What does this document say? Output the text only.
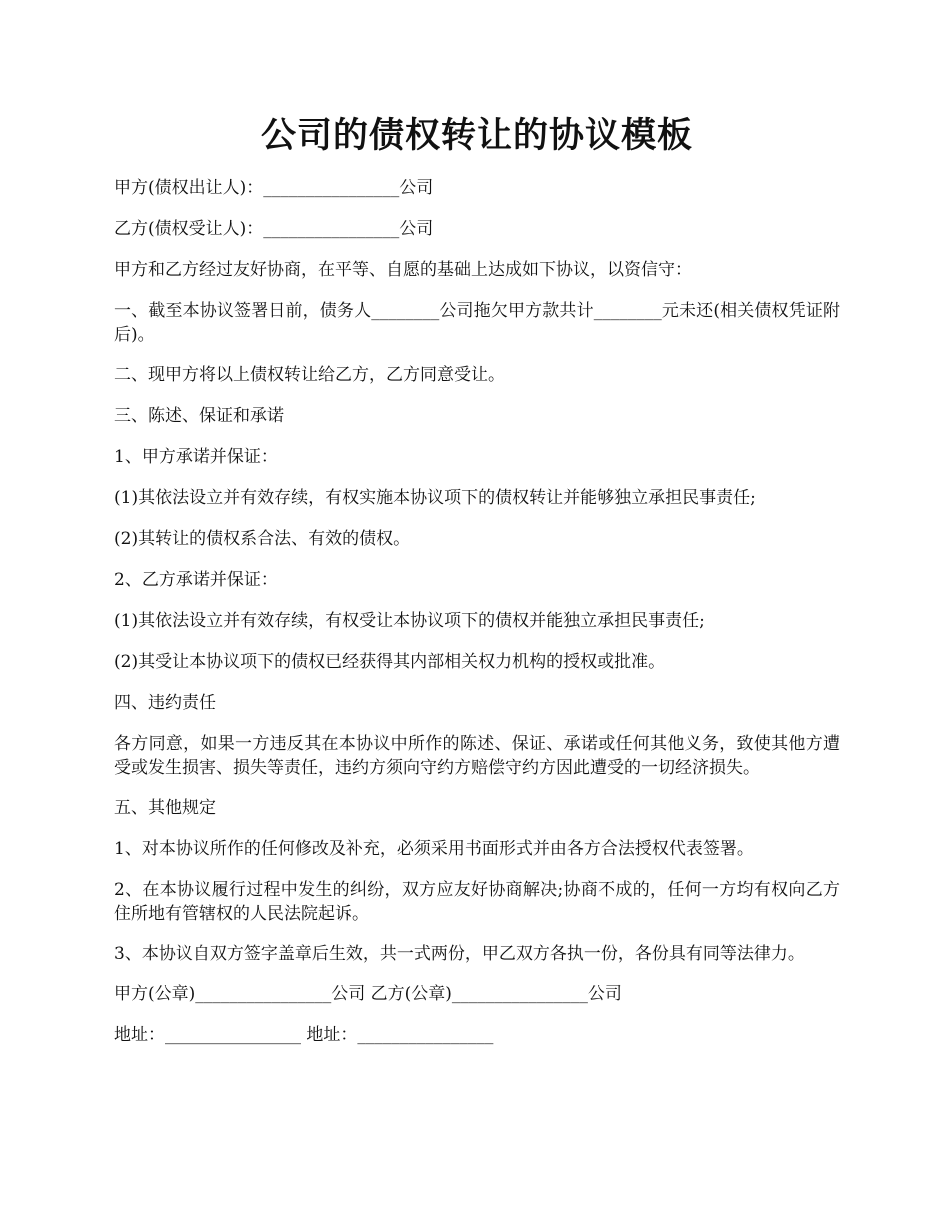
公司的债权转让的协议模板

甲方(债权出让人)：________________公司

乙方(债权受让人)：________________公司

甲方和乙方经过友好协商，在平等、自愿的基础上达成如下协议，以资信守：

一、截至本协议签署日前，债务人________公司拖欠甲方款共计________元未还(相关债权凭证附后)。

二、现甲方将以上债权转让给乙方，乙方同意受让。

三、陈述、保证和承诺

1、甲方承诺并保证：

(1)其依法设立并有效存续，有权实施本协议项下的债权转让并能够独立承担民事责任;

(2)其转让的债权系合法、有效的债权。

2、乙方承诺并保证：

(1)其依法设立并有效存续，有权受让本协议项下的债权并能独立承担民事责任;

(2)其受让本协议项下的债权已经获得其内部相关权力机构的授权或批准。

四、违约责任

各方同意，如果一方违反其在本协议中所作的陈述、保证、承诺或任何其他义务，致使其他方遭受或发生损害、损失等责任，违约方须向守约方赔偿守约方因此遭受的一切经济损失。

五、其他规定

1、对本协议所作的任何修改及补充，必须采用书面形式并由各方合法授权代表签署。

2、在本协议履行过程中发生的纠纷，双方应友好协商解决;协商不成的，任何一方均有权向乙方住所地有管辖权的人民法院起诉。

3、本协议自双方签字盖章后生效，共一式两份，甲乙双方各执一份，各份具有同等法律力。

甲方(公章)________________公司 乙方(公章)________________公司

地址：________________ 地址：________________
